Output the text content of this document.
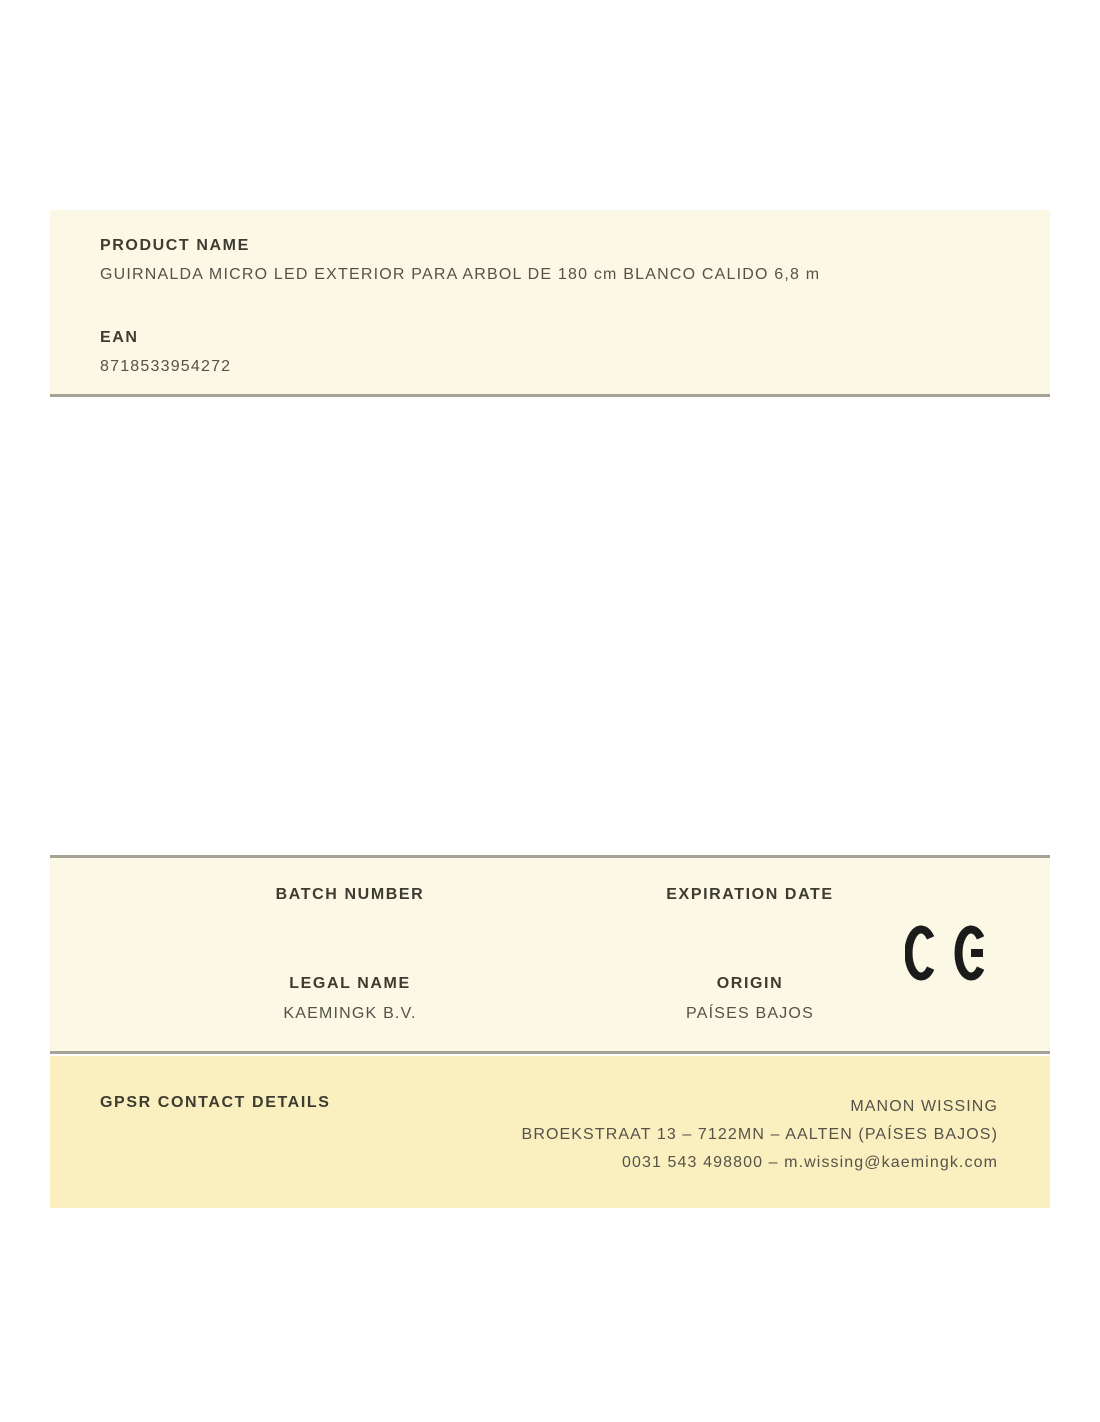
PRODUCT NAME
GUIRNALDA MICRO LED EXTERIOR PARA ARBOL DE 180 cm BLANCO CALIDO 6,8 m
EAN
8718533954272
BATCH NUMBER	EXPIRATION DATE
LEGAL NAME
KAEMINGK B.V.
ORIGIN
PAÍSES BAJOS
GPSR CONTACT DETAILS	MANON WISSING
BROEKSTRAAT 13 – 7122MN – AALTEN (PAÍSES BAJOS)
0031 543 498800 – m.wissing@kaemingk.com
